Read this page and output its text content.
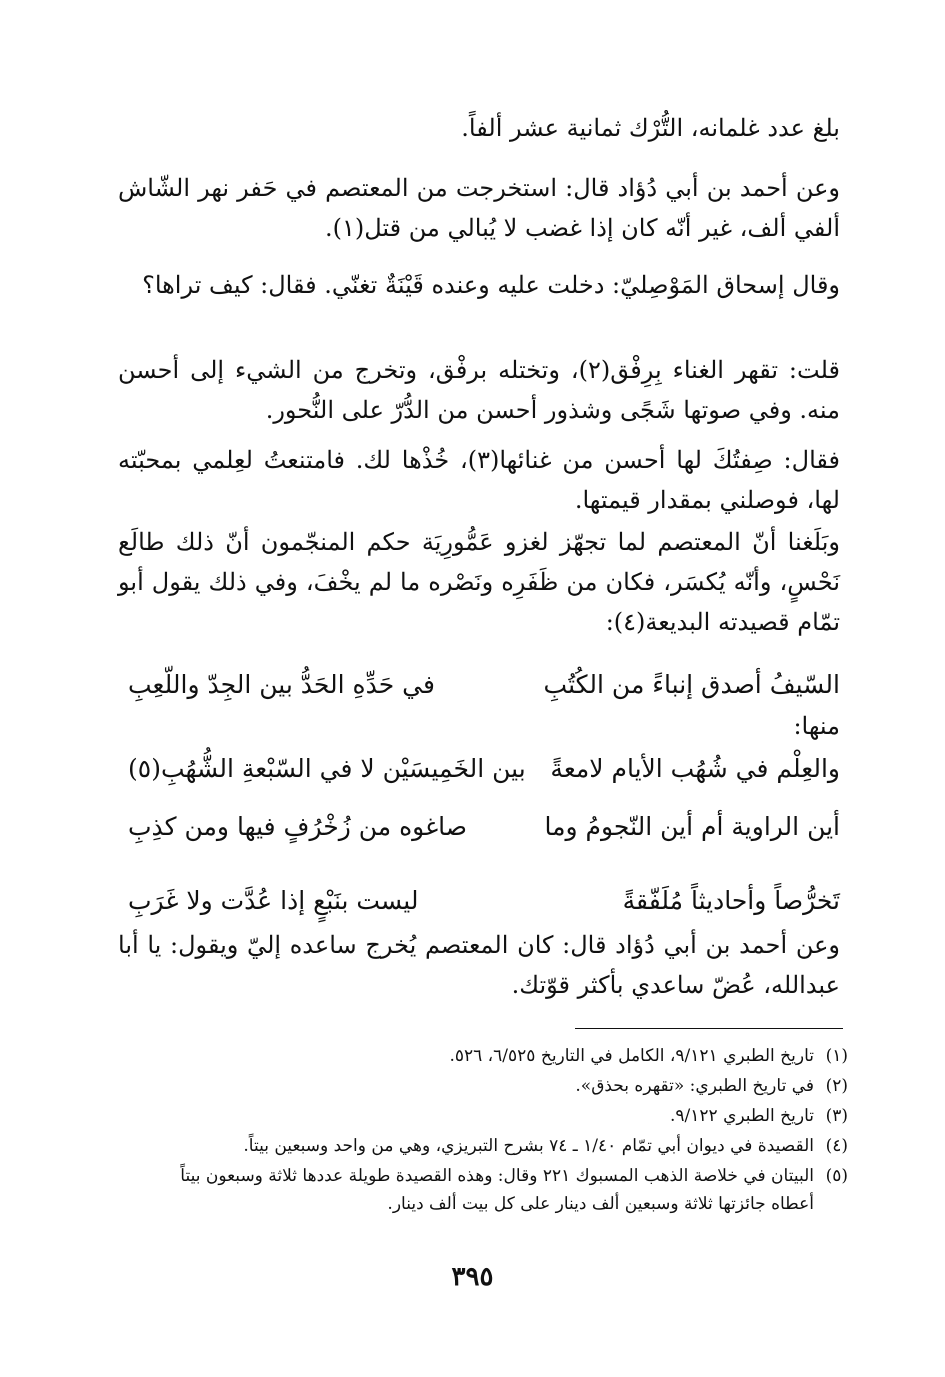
بلغ عدد غلمانه، التُّرْك ثمانية عشر ألفاً.
وعن أحمد بن أبي دُؤاد قال: استخرجت من المعتصم في حَفر نهر الشّاش ألفي ألف، غير أنّه كان إذا غضب لا يُبالي من قتل(١).
وقال إسحاق المَوْصِليّ: دخلت عليه وعنده قَيْنَةٌ تغنّي. فقال: كيف تراها؟
قلت: تقهر الغناء بِرِفْق(٢)، وتختله برفْق، وتخرج من الشيء إلى أحسن منه. وفي صوتها شَجًى وشذور أحسن من الدُّرّ على النُّحور.
فقال: صِفتُكَ لها أحسن من غنائها(٣)، خُذْها لك. فامتنعتُ لعِلمي بمحبّته لها، فوصلني بمقدار قيمتها.
وبَلَغنا أنّ المعتصم لما تجهّز لغزو عَمُّورِيَة حكم المنجّمون أنّ ذلك طالَع نَحْسٍ، وأنّه يُكسَر، فكان من ظَفَرِه ونَصْره ما لم يخْفَ، وفي ذلك يقول أبو تمّام قصيدته البديعة(٤):
السّيفُ أصدق إنباءً من الكُتُبِ
في حَدِّهِ الحَدُّ بين الجِدّ واللّعِبِ
منها:
والعِلْم في شُهُب الأيام لامعةً
بين الخَمِيسَيْن لا في السّبْعةِ الشُّهُبِ(٥)
أين الراوية أم أين النّجومُ وما
صاغوه من زُخْرُفٍ فيها ومن كذِبِ
تَخرُّصاً وأحاديثاً مُلَفّقةً
ليست بنَبْعٍ إذا عُدَّت ولا غَرَبِ
وعن أحمد بن أبي دُؤاد قال: كان المعتصم يُخرج ساعده إليّ ويقول: يا أبا عبدالله، عُضّ ساعدي بأكثر قوّتك.
(١)تاريخ الطبري ٩/١٢١، الكامل في التاريخ ٦/٥٢٥، ٥٢٦.
(٢)في تاريخ الطبري: «تقهره بحذق».
(٣)تاريخ الطبري ٩/١٢٢.
(٤)القصيدة في ديوان أبي تمّام ١/٤٠ ـ ٧٤ بشرح التبريزي، وهي من واحد وسبعين بيتاً.
(٥)البيتان في خلاصة الذهب المسبوك ٢٢١ وقال: وهذه القصيدة طويلة عددها ثلاثة وسبعون بيتاً
أعطاه جائزتها ثلاثة وسبعين ألف دينار على كل بيت ألف دينار.
٣٩٥
